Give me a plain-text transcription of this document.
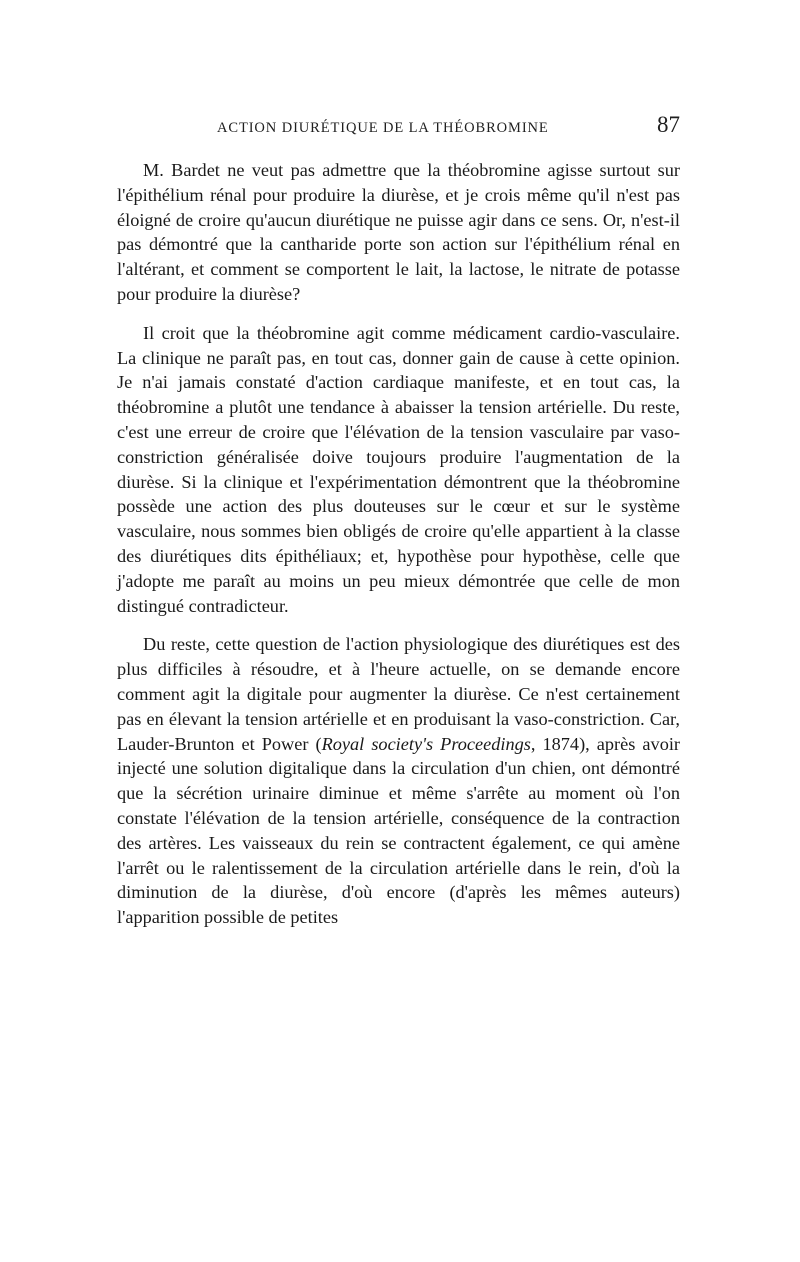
ACTION DIURÉTIQUE DE LA THÉOBROMINE	87

M. Bardet ne veut pas admettre que la théobromine agisse surtout sur l'épithélium rénal pour produire la diurèse, et je crois même qu'il n'est pas éloigné de croire qu'aucun diurétique ne puisse agir dans ce sens. Or, n'est-il pas démontré que la cantharide porte son action sur l'épithélium rénal en l'altérant, et comment se comportent le lait, la lactose, le nitrate de potasse pour produire la diurèse?

Il croit que la théobromine agit comme médicament cardio-vasculaire. La clinique ne paraît pas, en tout cas, donner gain de cause à cette opinion. Je n'ai jamais constaté d'action cardiaque manifeste, et en tout cas, la théobromine a plutôt une tendance à abaisser la tension artérielle. Du reste, c'est une erreur de croire que l'élévation de la tension vasculaire par vaso-constriction généralisée doive toujours produire l'augmentation de la diurèse. Si la clinique et l'expérimentation démontrent que la théobromine possède une action des plus douteuses sur le cœur et sur le système vasculaire, nous sommes bien obligés de croire qu'elle appartient à la classe des diurétiques dits épithéliaux; et, hypothèse pour hypothèse, celle que j'adopte me paraît au moins un peu mieux démontrée que celle de mon distingué contradicteur.

Du reste, cette question de l'action physiologique des diurétiques est des plus difficiles à résoudre, et à l'heure actuelle, on se demande encore comment agit la digitale pour augmenter la diurèse. Ce n'est certainement pas en élevant la tension artérielle et en produisant la vaso-constriction. Car, Lauder-Brunton et Power (Royal society's Proceedings, 1874), après avoir injecté une solution digitalique dans la circulation d'un chien, ont démontré que la sécrétion urinaire diminue et même s'arrête au moment où l'on constate l'élévation de la tension artérielle, conséquence de la contraction des artères. Les vaisseaux du rein se contractent également, ce qui amène l'arrêt ou le ralentissement de la circulation artérielle dans le rein, d'où la diminution de la diurèse, d'où encore (d'après les mêmes auteurs) l'apparition possible de petites
